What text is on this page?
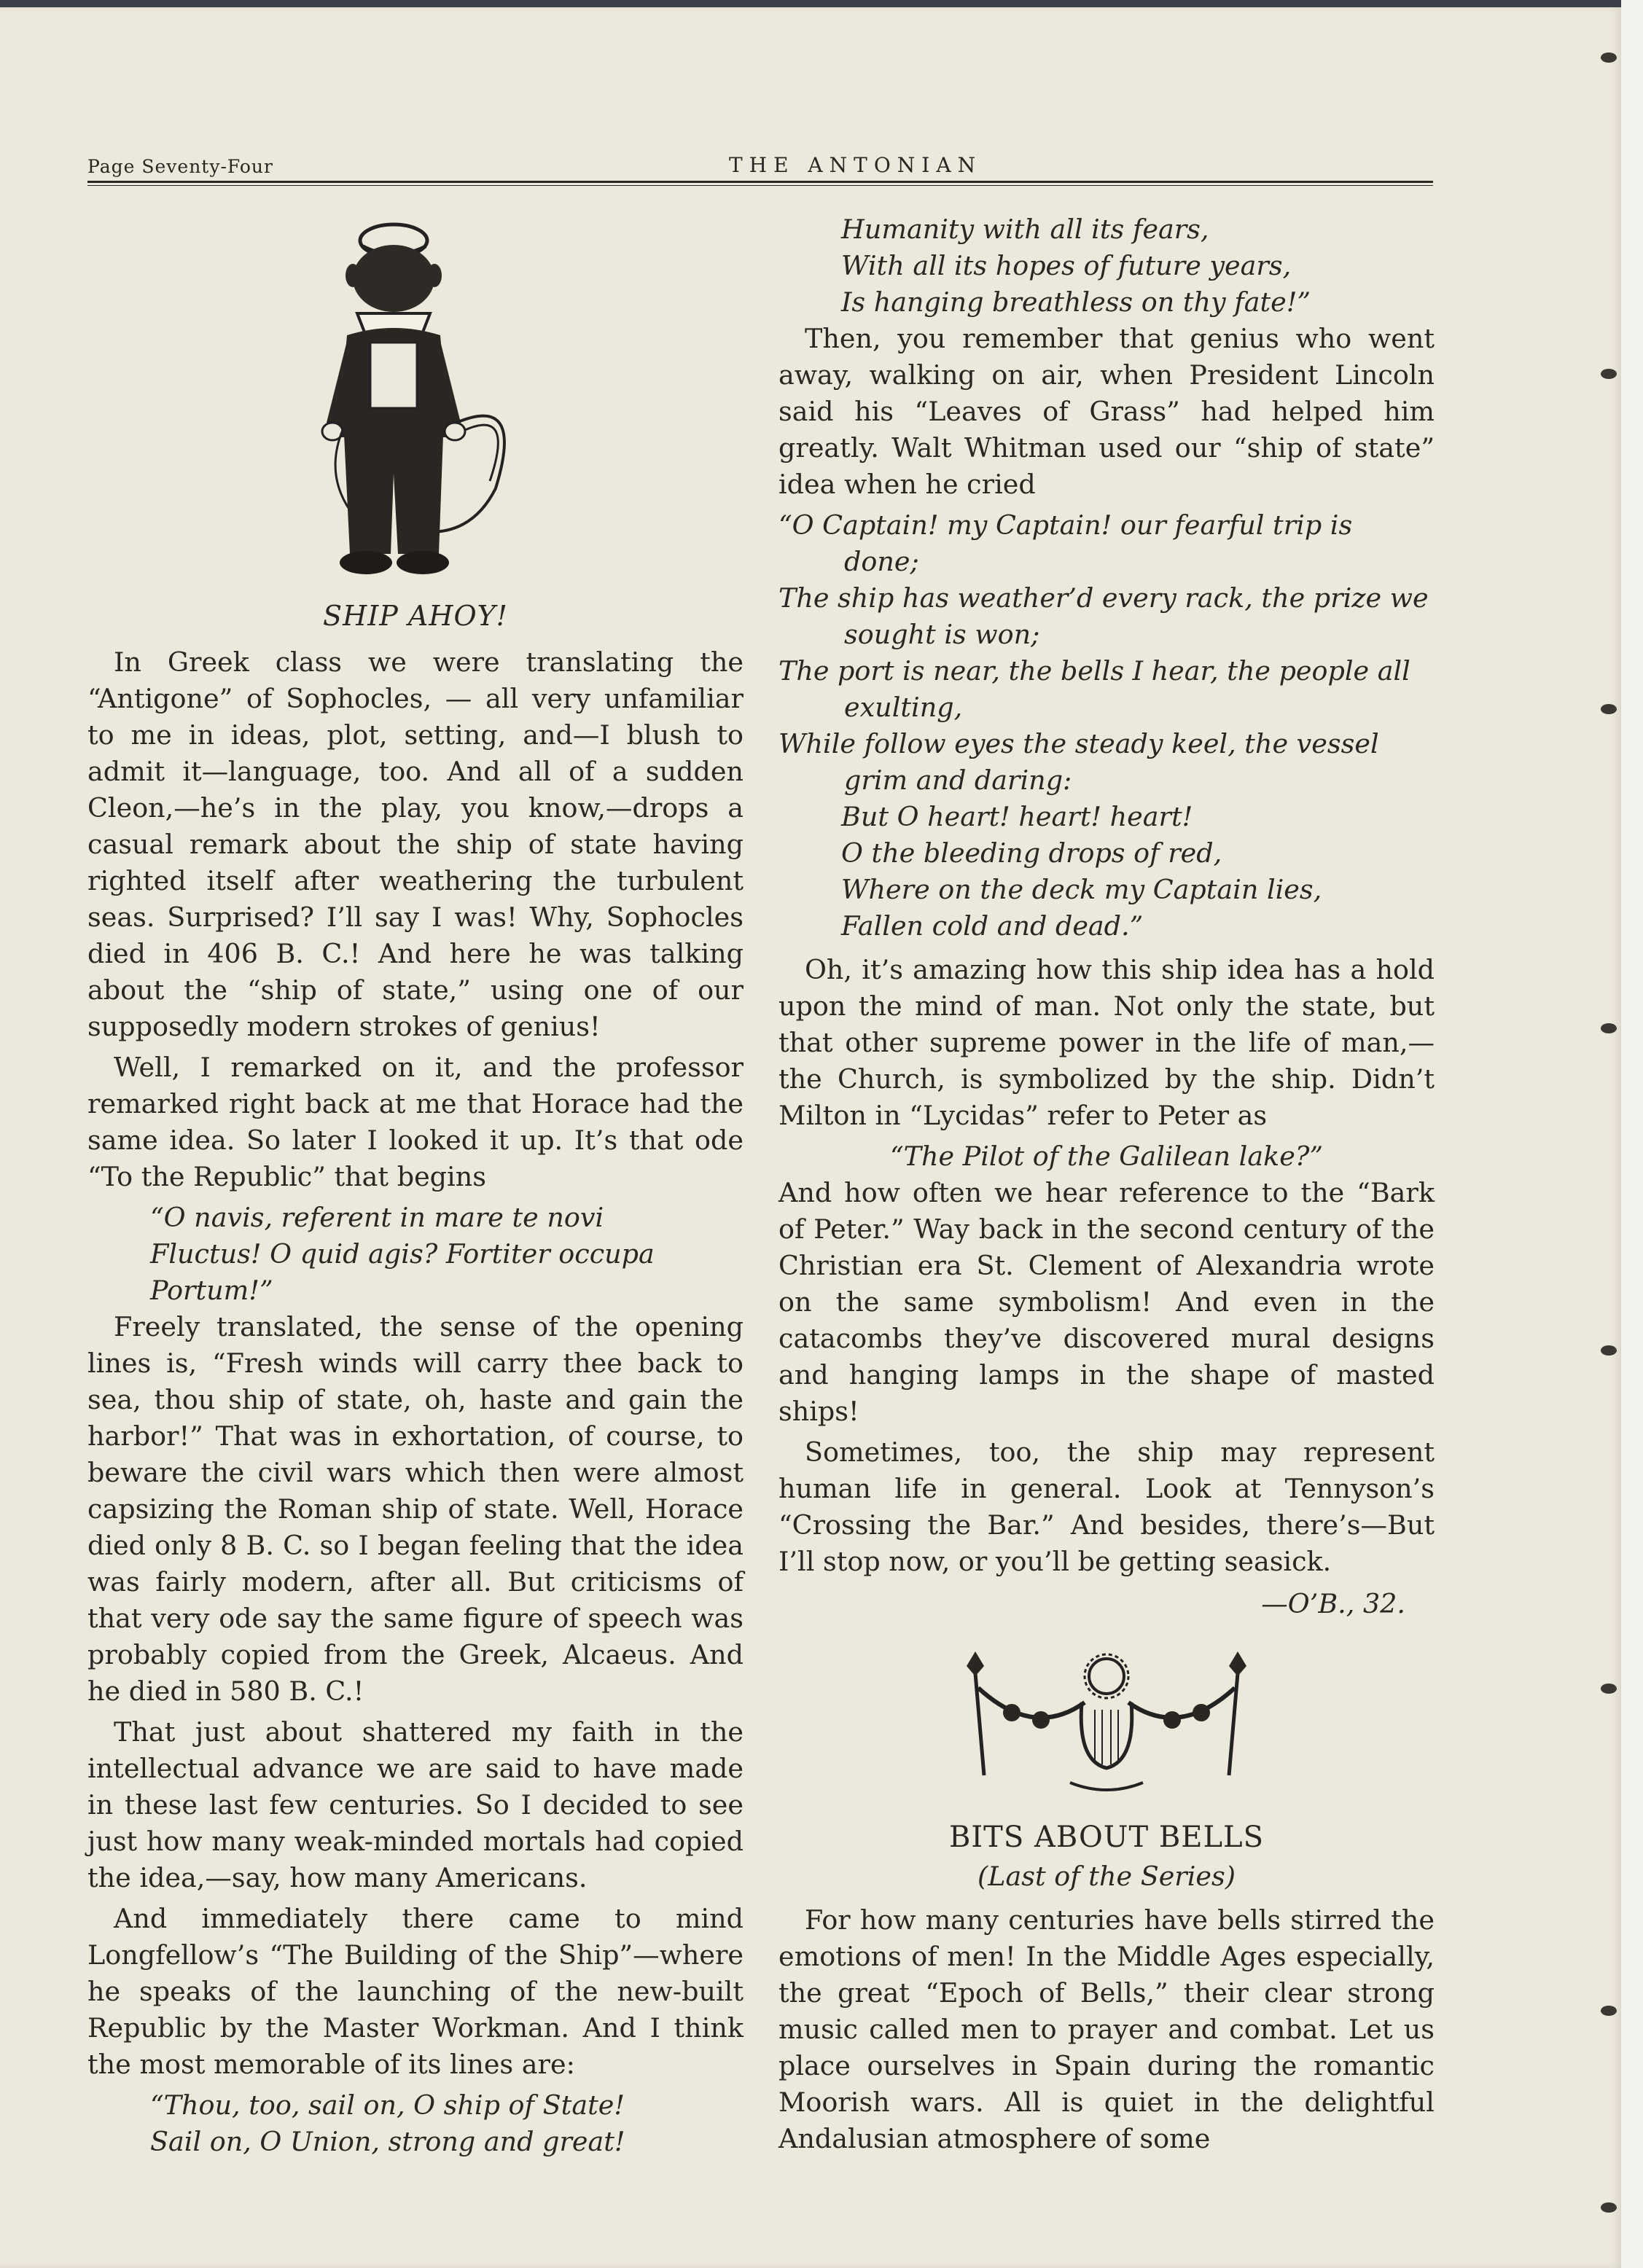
Page Seventy-Four	THE ANTONIAN

SHIP AHOY!

In Greek class we were translating the “Antigone” of Sophocles, — all very unfamiliar to me in ideas, plot, setting, and—I blush to admit it—language, too. And all of a sudden Cleon,—he’s in the play, you know,—drops a casual remark about the ship of state having righted itself after weathering the turbulent seas. Surprised? I’ll say I was! Why, Sophocles died in 406 B. C.! And here he was talking about the “ship of state,” using one of our supposedly modern strokes of genius!

Well, I remarked on it, and the professor remarked right back at me that Horace had the same idea. So later I looked it up. It’s that ode “To the Republic” that begins

“O navis, referent in mare te novi
Fluctus! O quid agis? Fortiter occupa
Portum!”

Freely translated, the sense of the opening lines is, “Fresh winds will carry thee back to sea, thou ship of state, oh, haste and gain the harbor!” That was in exhortation, of course, to beware the civil wars which then were almost capsizing the Roman ship of state. Well, Horace died only 8 B. C. so I began feeling that the idea was fairly modern, after all. But criticisms of that very ode say the same figure of speech was probably copied from the Greek, Alcaeus. And he died in 580 B. C.!

That just about shattered my faith in the intellectual advance we are said to have made in these last few centuries. So I decided to see just how many weak-minded mortals had copied the idea,—say, how many Americans.

And immediately there came to mind Longfellow’s “The Building of the Ship”—where he speaks of the launching of the new-built Republic by the Master Workman. And I think the most memorable of its lines are:

“Thou, too, sail on, O ship of State!
Sail on, O Union, strong and great!

Humanity with all its fears,
With all its hopes of future years,
Is hanging breathless on thy fate!”

Then, you remember that genius who went away, walking on air, when President Lincoln said his “Leaves of Grass” had helped him greatly. Walt Whitman used our “ship of state” idea when he cried

“O Captain! my Captain! our fearful trip is done;
The ship has weather’d every rack, the prize we sought is won;
The port is near, the bells I hear, the people all exulting,
While follow eyes the steady keel, the vessel grim and daring:
But O heart! heart! heart!
O the bleeding drops of red,
Where on the deck my Captain lies,
Fallen cold and dead.”

Oh, it’s amazing how this ship idea has a hold upon the mind of man. Not only the state, but that other supreme power in the life of man,—the Church, is symbolized by the ship. Didn’t Milton in “Lycidas” refer to Peter as

“The Pilot of the Galilean lake?”

And how often we hear reference to the “Bark of Peter.” Way back in the second century of the Christian era St. Clement of Alexandria wrote on the same symbolism! And even in the catacombs they’ve discovered mural designs and hanging lamps in the shape of masted ships!

Sometimes, too, the ship may represent human life in general. Look at Tennyson’s “Crossing the Bar.” And besides, there’s—But I’ll stop now, or you’ll be getting seasick.

—O’B., 32.

BITS ABOUT BELLS

(Last of the Series)

For how many centuries have bells stirred the emotions of men! In the Middle Ages especially, the great “Epoch of Bells,” their clear strong music called men to prayer and combat. Let us place ourselves in Spain during the romantic Moorish wars. All is quiet in the delightful Andalusian atmosphere of some
